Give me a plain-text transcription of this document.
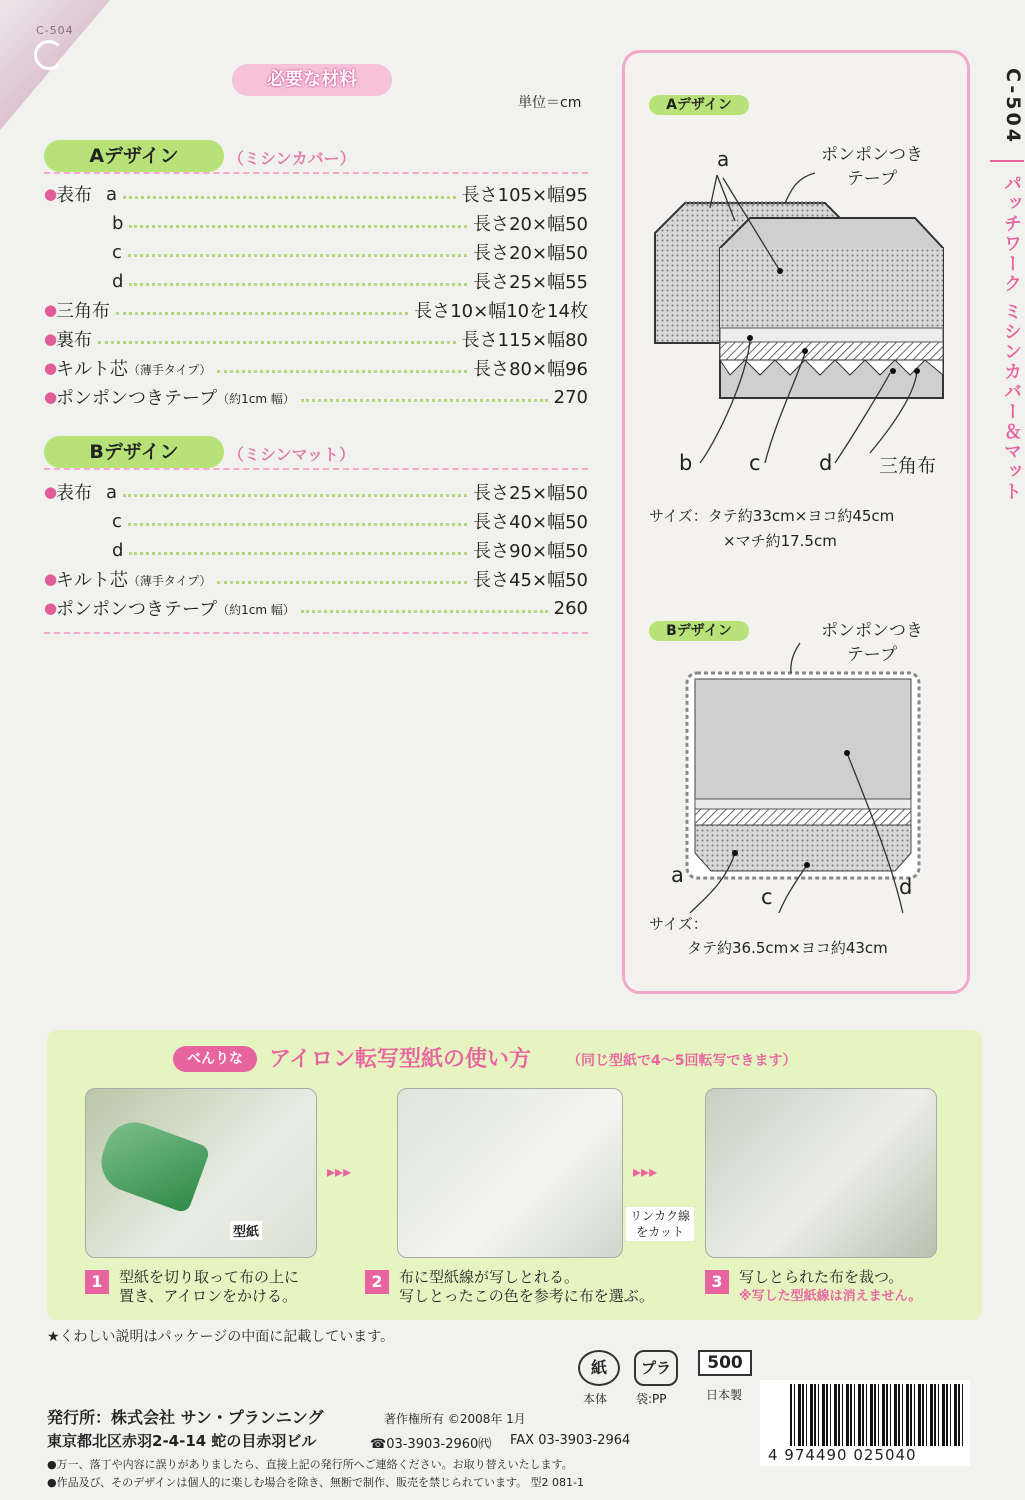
C-504
必要な材料
単位＝cm
Aデザイン	（ミシンカバー）
●
表布 a	長さ105×幅95
b	長さ20×幅50
c	長さ20×幅50
d	長さ25×幅55
●
三角布	長さ10×幅10を14枚
●
裏布	長さ115×幅80
●
キルト芯 （薄手タイプ）	長さ80×幅96
●
ポンポンつきテープ （約1cm 幅）	270
Bデザイン	（ミシンマット）
●
表布 a	長さ25×幅50
c	長さ40×幅50
d	長さ90×幅50
●
キルト芯 （薄手タイプ）	長さ45×幅50
●
ポンポンつきテープ （約1cm 幅）	260
Aデザイン
a	ポンポンつき
テープ
b	c	d 三角布
サイズ：タテ約33cm×ヨコ約45cm
×マチ約17.5cm
Bデザイン	ポンポンつき
テープ
a
c	d
サイズ：
タテ約36.5cm×ヨコ約43cm
C-504
パッチワーク ミシンカバー＆マット
べんりな	アイロン転写型紙の使い方	（同じ型紙で4〜5回転写できます）
型紙
▸▸▸	▸▸▸
リンカク線
をカット
1	型紙を切り取って布の上に
置き、アイロンをかける。
2	布に型紙線が写しとれる。
写しとったこの色を参考に布を選ぶ。
3	写しとられた布を裁つ。
※写した型紙線は消えません。
★くわしい説明はパッケージの中面に記載しています。
紙
本体
プラ
袋:PP
500
日本製
4 974490 025040
発行所：株式会社 サン・プランニング	著作権所有 ©2008年 1月
東京都北区赤羽2-4-14 蛇の目赤羽ビル	☎03-3903-2960㈹ FAX 03-3903-2964
●万一、落丁や内容に誤りがありましたら、直接上記の発行所へご連絡ください。お取り替えいたします。
●作品及び、そのデザインは個人的に楽しむ場合を除き、無断で制作、販売を禁じられています。 型2 081-1
